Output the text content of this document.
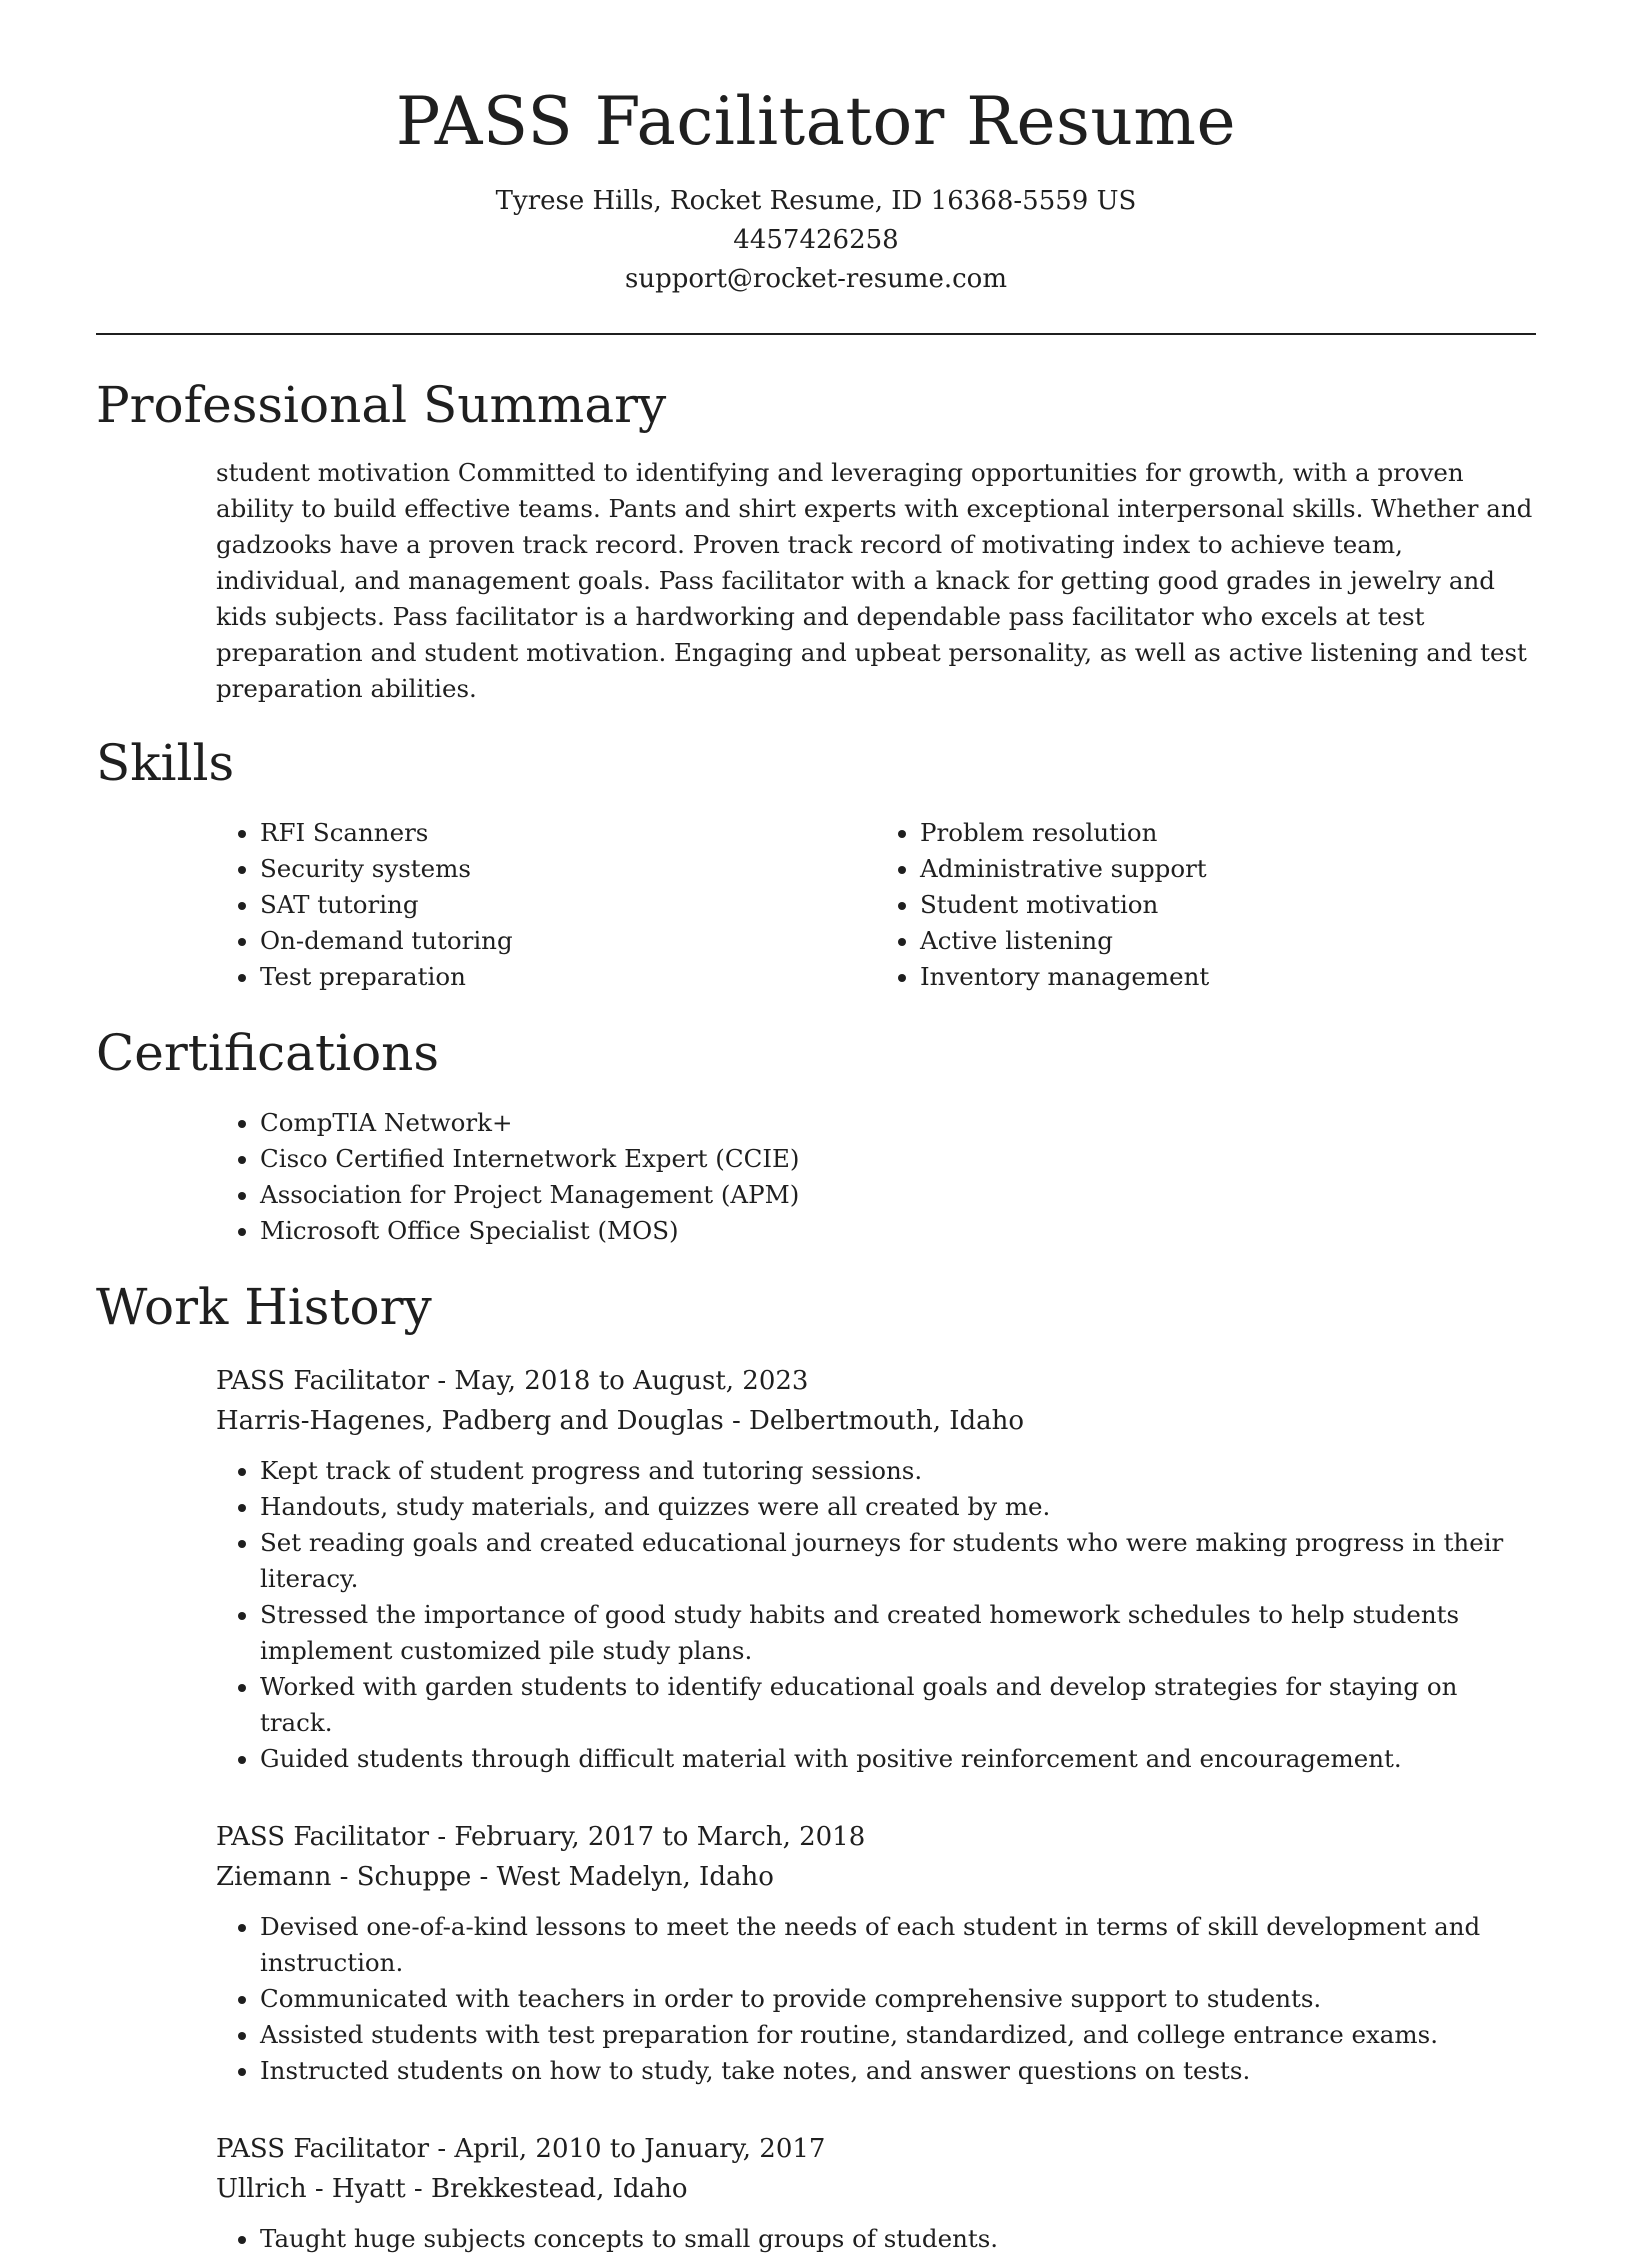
PASS Facilitator Resume
Tyrese Hills, Rocket Resume, ID 16368-5559 US
4457426258
support@rocket-resume.com
Professional Summary

student motivation Committed to identifying and leveraging opportunities for growth, with a proven ability to build effective teams. Pants and shirt experts with exceptional interpersonal skills. Whether and gadzooks have a proven track record. Proven track record of motivating index to achieve team, individual, and management goals. Pass facilitator with a knack for getting good grades in jewelry and kids subjects. Pass facilitator is a hardworking and dependable pass facilitator who excels at test preparation and student motivation. Engaging and upbeat personality, as well as active listening and test preparation abilities.

Skills
• RFI Scanners
• Security systems
• SAT tutoring
• On-demand tutoring
• Test preparation
• Problem resolution
• Administrative support
• Student motivation
• Active listening
• Inventory management
Certifications
• CompTIA Network+
• Cisco Certified Internetwork Expert (CCIE)
• Association for Project Management (APM)
• Microsoft Office Specialist (MOS)
Work History
PASS Facilitator - May, 2018 to August, 2023
Harris-Hagenes, Padberg and Douglas - Delbertmouth, Idaho
• Kept track of student progress and tutoring sessions.
• Handouts, study materials, and quizzes were all created by me.
• Set reading goals and created educational journeys for students who were making progress in their literacy.
• Stressed the importance of good study habits and created homework schedules to help students implement customized pile study plans.
• Worked with garden students to identify educational goals and develop strategies for staying on track.
• Guided students through difficult material with positive reinforcement and encouragement.
PASS Facilitator - February, 2017 to March, 2018
Ziemann - Schuppe - West Madelyn, Idaho
• Devised one-of-a-kind lessons to meet the needs of each student in terms of skill development and instruction.
• Communicated with teachers in order to provide comprehensive support to students.
• Assisted students with test preparation for routine, standardized, and college entrance exams.
• Instructed students on how to study, take notes, and answer questions on tests.
PASS Facilitator - April, 2010 to January, 2017
Ullrich - Hyatt - Brekkestead, Idaho
• Taught huge subjects concepts to small groups of students.
